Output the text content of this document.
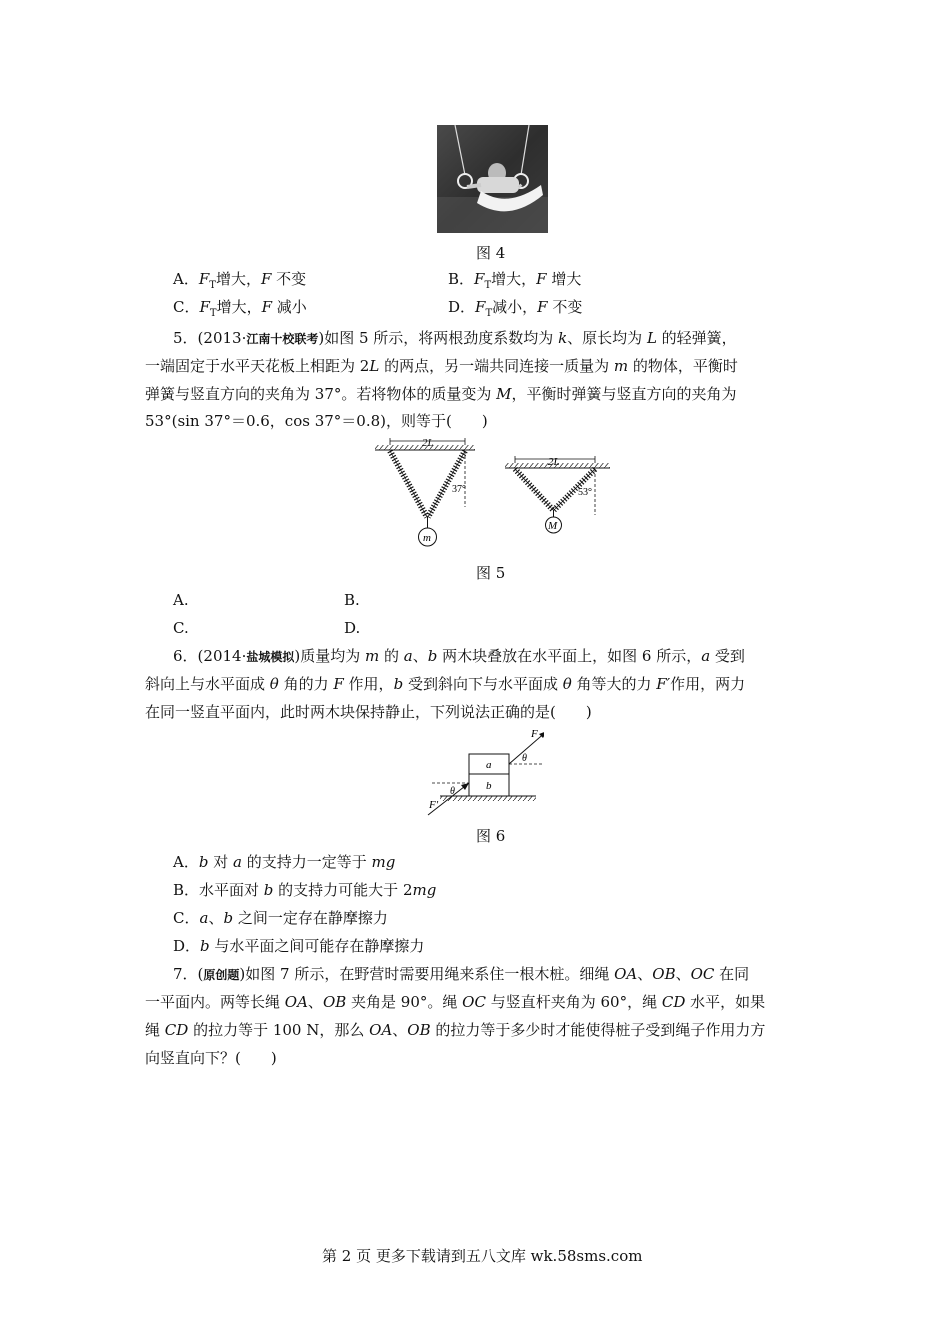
图 4
A．$F_T$增大，F 不变	B．$F_T$增大，F 增大
C．$F_T$增大，F 减小	D．$F_T$减小，F 不变
5．(2013·江南十校联考)如图 5 所示，将两根劲度系数均为 k、原长均为 L 的轻弹簧，
一端固定于水平天花板上相距为 2L 的两点，另一端共同连接一质量为 m 的物体，平衡时
弹簧与竖直方向的夹角为 37°。若将物体的质量变为 M，平衡时弹簧与竖直方向的夹角为
53°(sin 37°＝0.6，cos 37°＝0.8)，则等于(　　)
2L
m
37°
2L
M
53°
图 5
A.	B.
C.	D.
6．(2014·盐城模拟)质量均为 m 的 a、b 两木块叠放在水平面上，如图 6 所示，a 受到
斜向上与水平面成 θ 角的力 F 作用，b 受到斜向下与水平面成 θ 角等大的力 F′作用，两力
在同一竖直平面内，此时两木块保持静止，下列说法正确的是(　　)
a
b
F
θ
θ
F′
图 6
A．b 对 a 的支持力一定等于 mg
B．水平面对 b 的支持力可能大于 2mg
C．a、b 之间一定存在静摩擦力
D．b 与水平面之间可能存在静摩擦力
7．(原创题)如图 7 所示，在野营时需要用绳来系住一根木桩。细绳 OA、OB、OC 在同
一平面内。两等长绳 OA、OB 夹角是 90°。绳 OC 与竖直杆夹角为 60°，绳 CD 水平，如果
绳 CD 的拉力等于 100 N，那么 OA、OB 的拉力等于多少时才能使得桩子受到绳子作用力方
向竖直向下？(　　)
第 2 页 更多下载请到五八文库 wk.58sms.com
